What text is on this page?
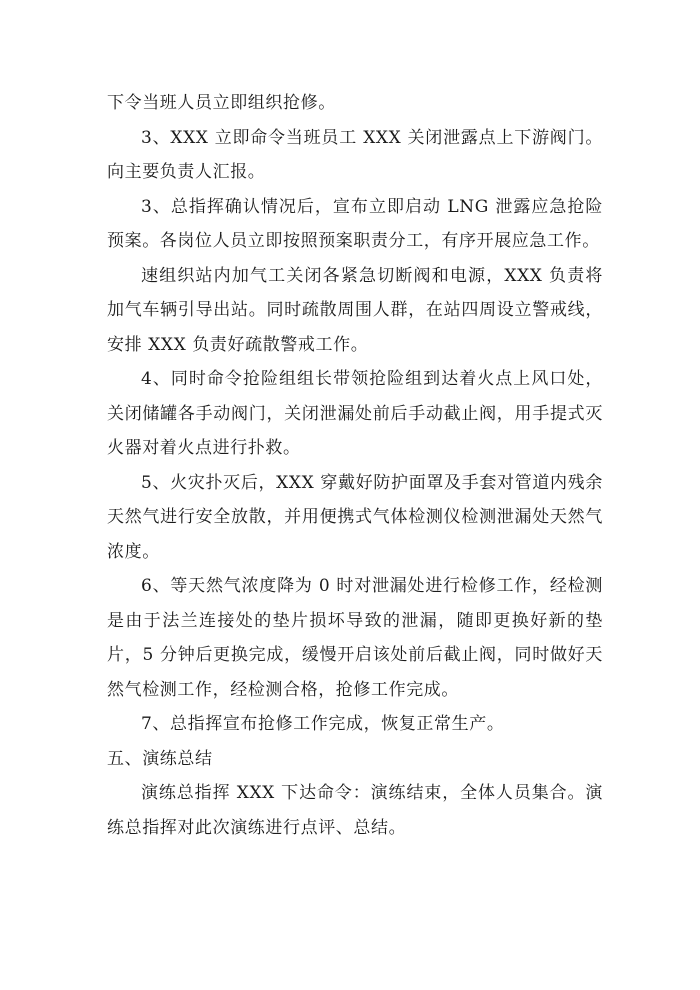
下令当班人员立即组织抢修。

3、XXX 立即命令当班员工 XXX 关闭泄露点上下游阀门。向主要负责人汇报。

3、总指挥确认情况后，宣布立即启动 LNG 泄露应急抢险预案。各岗位人员立即按照预案职责分工，有序开展应急工作。

速组织站内加气工关闭各紧急切断阀和电源，XXX 负责将加气车辆引导出站。同时疏散周围人群，在站四周设立警戒线，安排 XXX 负责好疏散警戒工作。

4、同时命令抢险组组长带领抢险组到达着火点上风口处，关闭储罐各手动阀门，关闭泄漏处前后手动截止阀，用手提式灭火器对着火点进行扑救。

5、火灾扑灭后，XXX 穿戴好防护面罩及手套对管道内残余天然气进行安全放散，并用便携式气体检测仪检测泄漏处天然气浓度。

6、等天然气浓度降为 0 时对泄漏处进行检修工作，经检测是由于法兰连接处的垫片损坏导致的泄漏，随即更换好新的垫片，5 分钟后更换完成，缓慢开启该处前后截止阀，同时做好天然气检测工作，经检测合格，抢修工作完成。

7、总指挥宣布抢修工作完成，恢复正常生产。

五、演练总结

演练总指挥 XXX 下达命令：演练结束，全体人员集合。演练总指挥对此次演练进行点评、总结。
